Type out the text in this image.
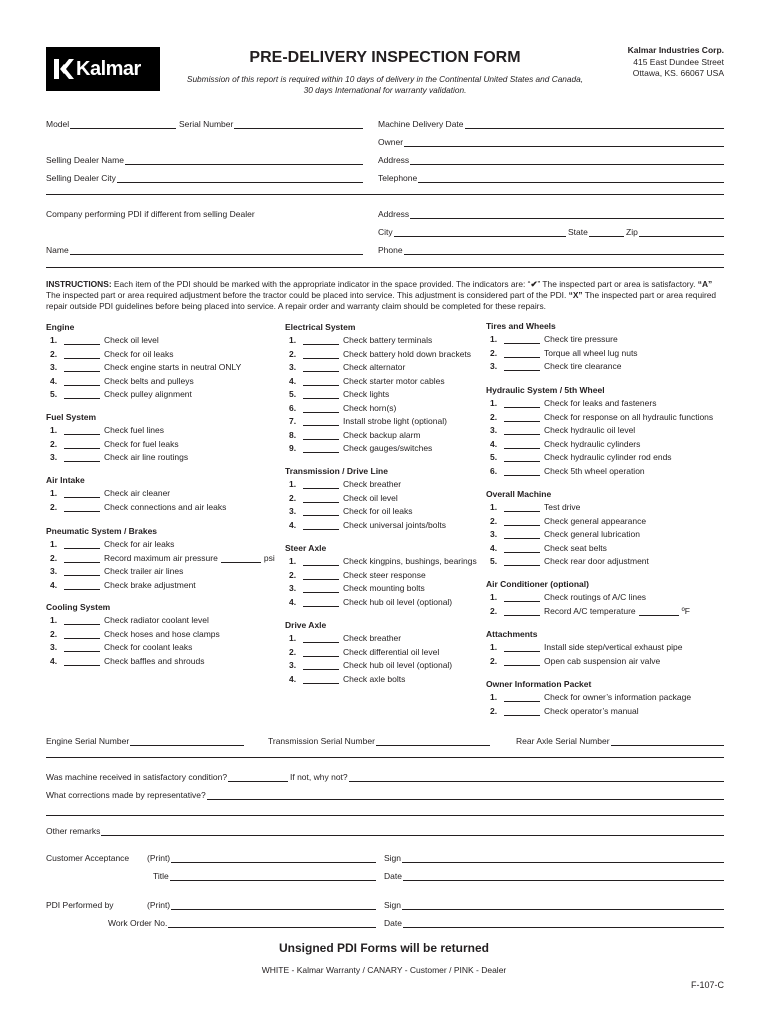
Kalmar	PRE-DELIVERY INSPECTION FORM
Submission of this report is required within 10 days of delivery in the Continental United States and Canada,
30 days International for warranty validation.
Kalmar Industries Corp.
415 East Dundee Street
Ottawa, KS. 66067 USA
Model	Serial Number	Machine Delivery Date
Owner
Selling Dealer Name	Address
Selling Dealer City	Telephone
Company performing PDI if different from selling Dealer	Address
City	State	Zip
Name	Phone
INSTRUCTIONS: Each item of the PDI should be marked with the appropriate indicator in the space provided. The indicators are: “✔” The inspected part or area is satisfactory. “A” The inspected part or area required adjustment before the tractor could be placed into service. This adjustment is considered part of the PDI. “X” The inspected part or area required repair outside PDI guidelines before being placed into service. A repair order and warranty claim should be completed for these repairs.
Engine
1.	Check oil level
2.	Check for oil leaks
3.	Check engine starts in neutral ONLY
4.	Check belts and pulleys
5.	Check pulley alignment
Fuel System
1.	Check fuel lines
2.	Check for fuel leaks
3.	Check air line routings
Air Intake
1.	Check air cleaner
2.	Check connections and air leaks
Pneumatic System / Brakes
1.	Check for air leaks
2.	Record maximum air pressure	psi
3.	Check trailer air lines
4.	Check brake adjustment
Cooling System
1.	Check radiator coolant level
2.	Check hoses and hose clamps
3.	Check for coolant leaks
4.	Check baffles and shrouds
Electrical System
1.	Check battery terminals
2.	Check battery hold down brackets
3.	Check alternator
4.	Check starter motor cables
5.	Check lights
6.	Check horn(s)
7.	Install strobe light (optional)
8.	Check backup alarm
9.	Check gauges/switches
Transmission / Drive Line
1.	Check breather
2.	Check oil level
3.	Check for oil leaks
4.	Check universal joints/bolts
Steer Axle
1.	Check kingpins, bushings, bearings
2.	Check steer response
3.	Check mounting bolts
4.	Check hub oil level (optional)
Drive Axle
1.	Check breather
2.	Check differential oil level
3.	Check hub oil level (optional)
4.	Check axle bolts
Tires and Wheels
1.	Check tire pressure
2.	Torque all wheel lug nuts
3.	Check tire clearance
Hydraulic System / 5th Wheel
1.	Check for leaks and fasteners
2.	Check for response on all hydraulic functions
3.	Check hydraulic oil level
4.	Check hydraulic cylinders
5.	Check hydraulic cylinder rod ends
6.	Check 5th wheel operation
Overall Machine
1.	Test drive
2.	Check general appearance
3.	Check general lubrication
4.	Check seat belts
5.	Check rear door adjustment
Air Conditioner (optional)
1.	Check routings of A/C lines
2.	Record A/C temperature	ºF
Attachments
1.	Install side step/vertical exhaust pipe
2.	Open cab suspension air valve
Owner Information Packet
1.	Check for owner’s information package
2.	Check operator’s manual
Engine Serial Number	Transmission Serial Number	Rear Axle Serial Number
Was machine received in satisfactory condition?	If not, why not?
What corrections made by representative?
Other remarks
Customer Acceptance (Print)	Sign
Title	Date
PDI Performed by	(Print)	Sign
Work Order No.	Date
Unsigned PDI Forms will be returned
WHITE - Kalmar Warranty / CANARY - Customer / PINK - Dealer
F-107-C
